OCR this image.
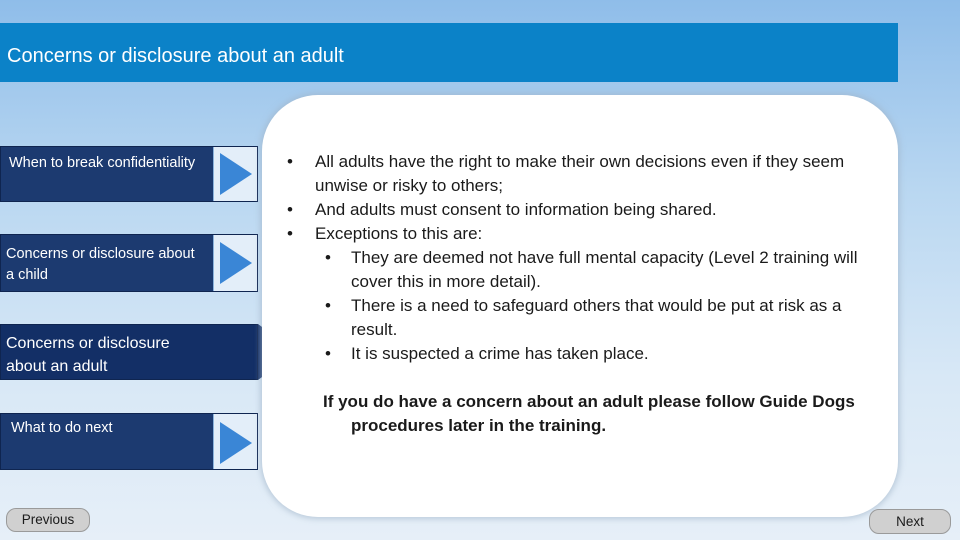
Concerns or disclosure about an adult
When to break confidentiality
Concerns or disclosure about a child
Concerns or disclosure about an adult
What to do next
• All adults have the right to make their own decisions even if they seem unwise or risky to others;
• And adults must consent to information being shared.
• Exceptions to this are:
• They are deemed not have full mental capacity (Level 2 training will cover this in more detail).
• There is a need to safeguard others that would be put at risk as a result.
• It is suspected a crime has taken place.
If you do have a concern about an adult please follow Guide Dogs
procedures later in the training.
Previous	Next
